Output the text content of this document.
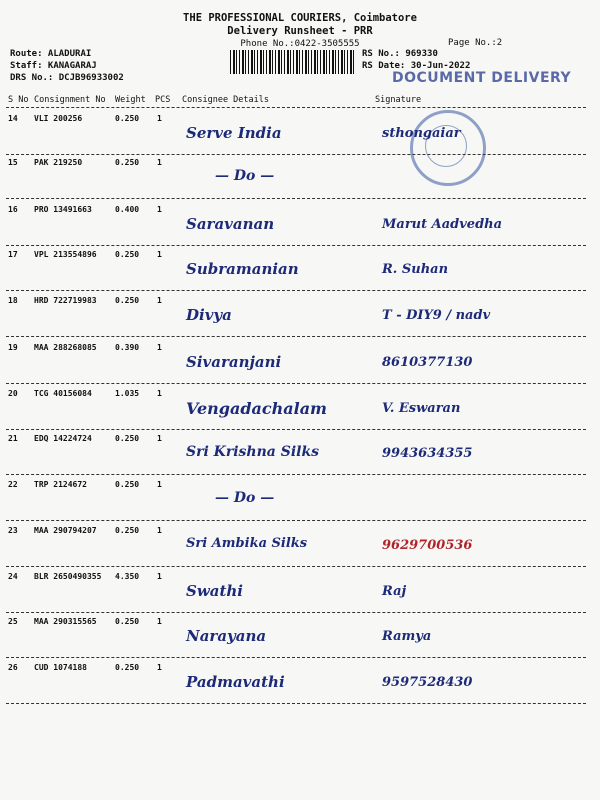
THE PROFESSIONAL COURIERS, Coimbatore
Delivery Runsheet - PRR
Phone No.:0422-3505555	Page No.:2
Route: ALADURAI
Staff: KANAGARAJ
DRS No.: DCJB96933002
RS No.: 969330
RS Date: 30-Jun-2022
DOCUMENT DELIVERY
S No Consignment No Weight PCS Consignee Details	Signature
14 VLI 200256	0.250 1
Serve India	sthongaiar
15 PAK 219250	0.250 1
— Do —
16 PRO 13491663	0.400 1
Saravanan	Marut Aadvedha
17 VPL 213554896 0.250 1
Subramanian	R. Suhan
18 HRD 722719983 0.250 1
Divya	T - DIY9 / nadv
19 MAA 288268085 0.390 1
Sivaranjani	8610377130
20 TCG 40156084	1.035 1
Vengadachalam	V. Eswaran
21 EDQ 14224724	0.250 1
Sri Krishna Silks	9943634355
22 TRP 2124672	0.250 1
— Do —
23 MAA 290794207 0.250 1
Sri Ambika Silks	9629700536
24 BLR 2650490355 4.350 1
Swathi	Raj
25 MAA 290315565 0.250 1
Narayana	Ramya
26 CUD 1074188	0.250 1
Padmavathi	9597528430
